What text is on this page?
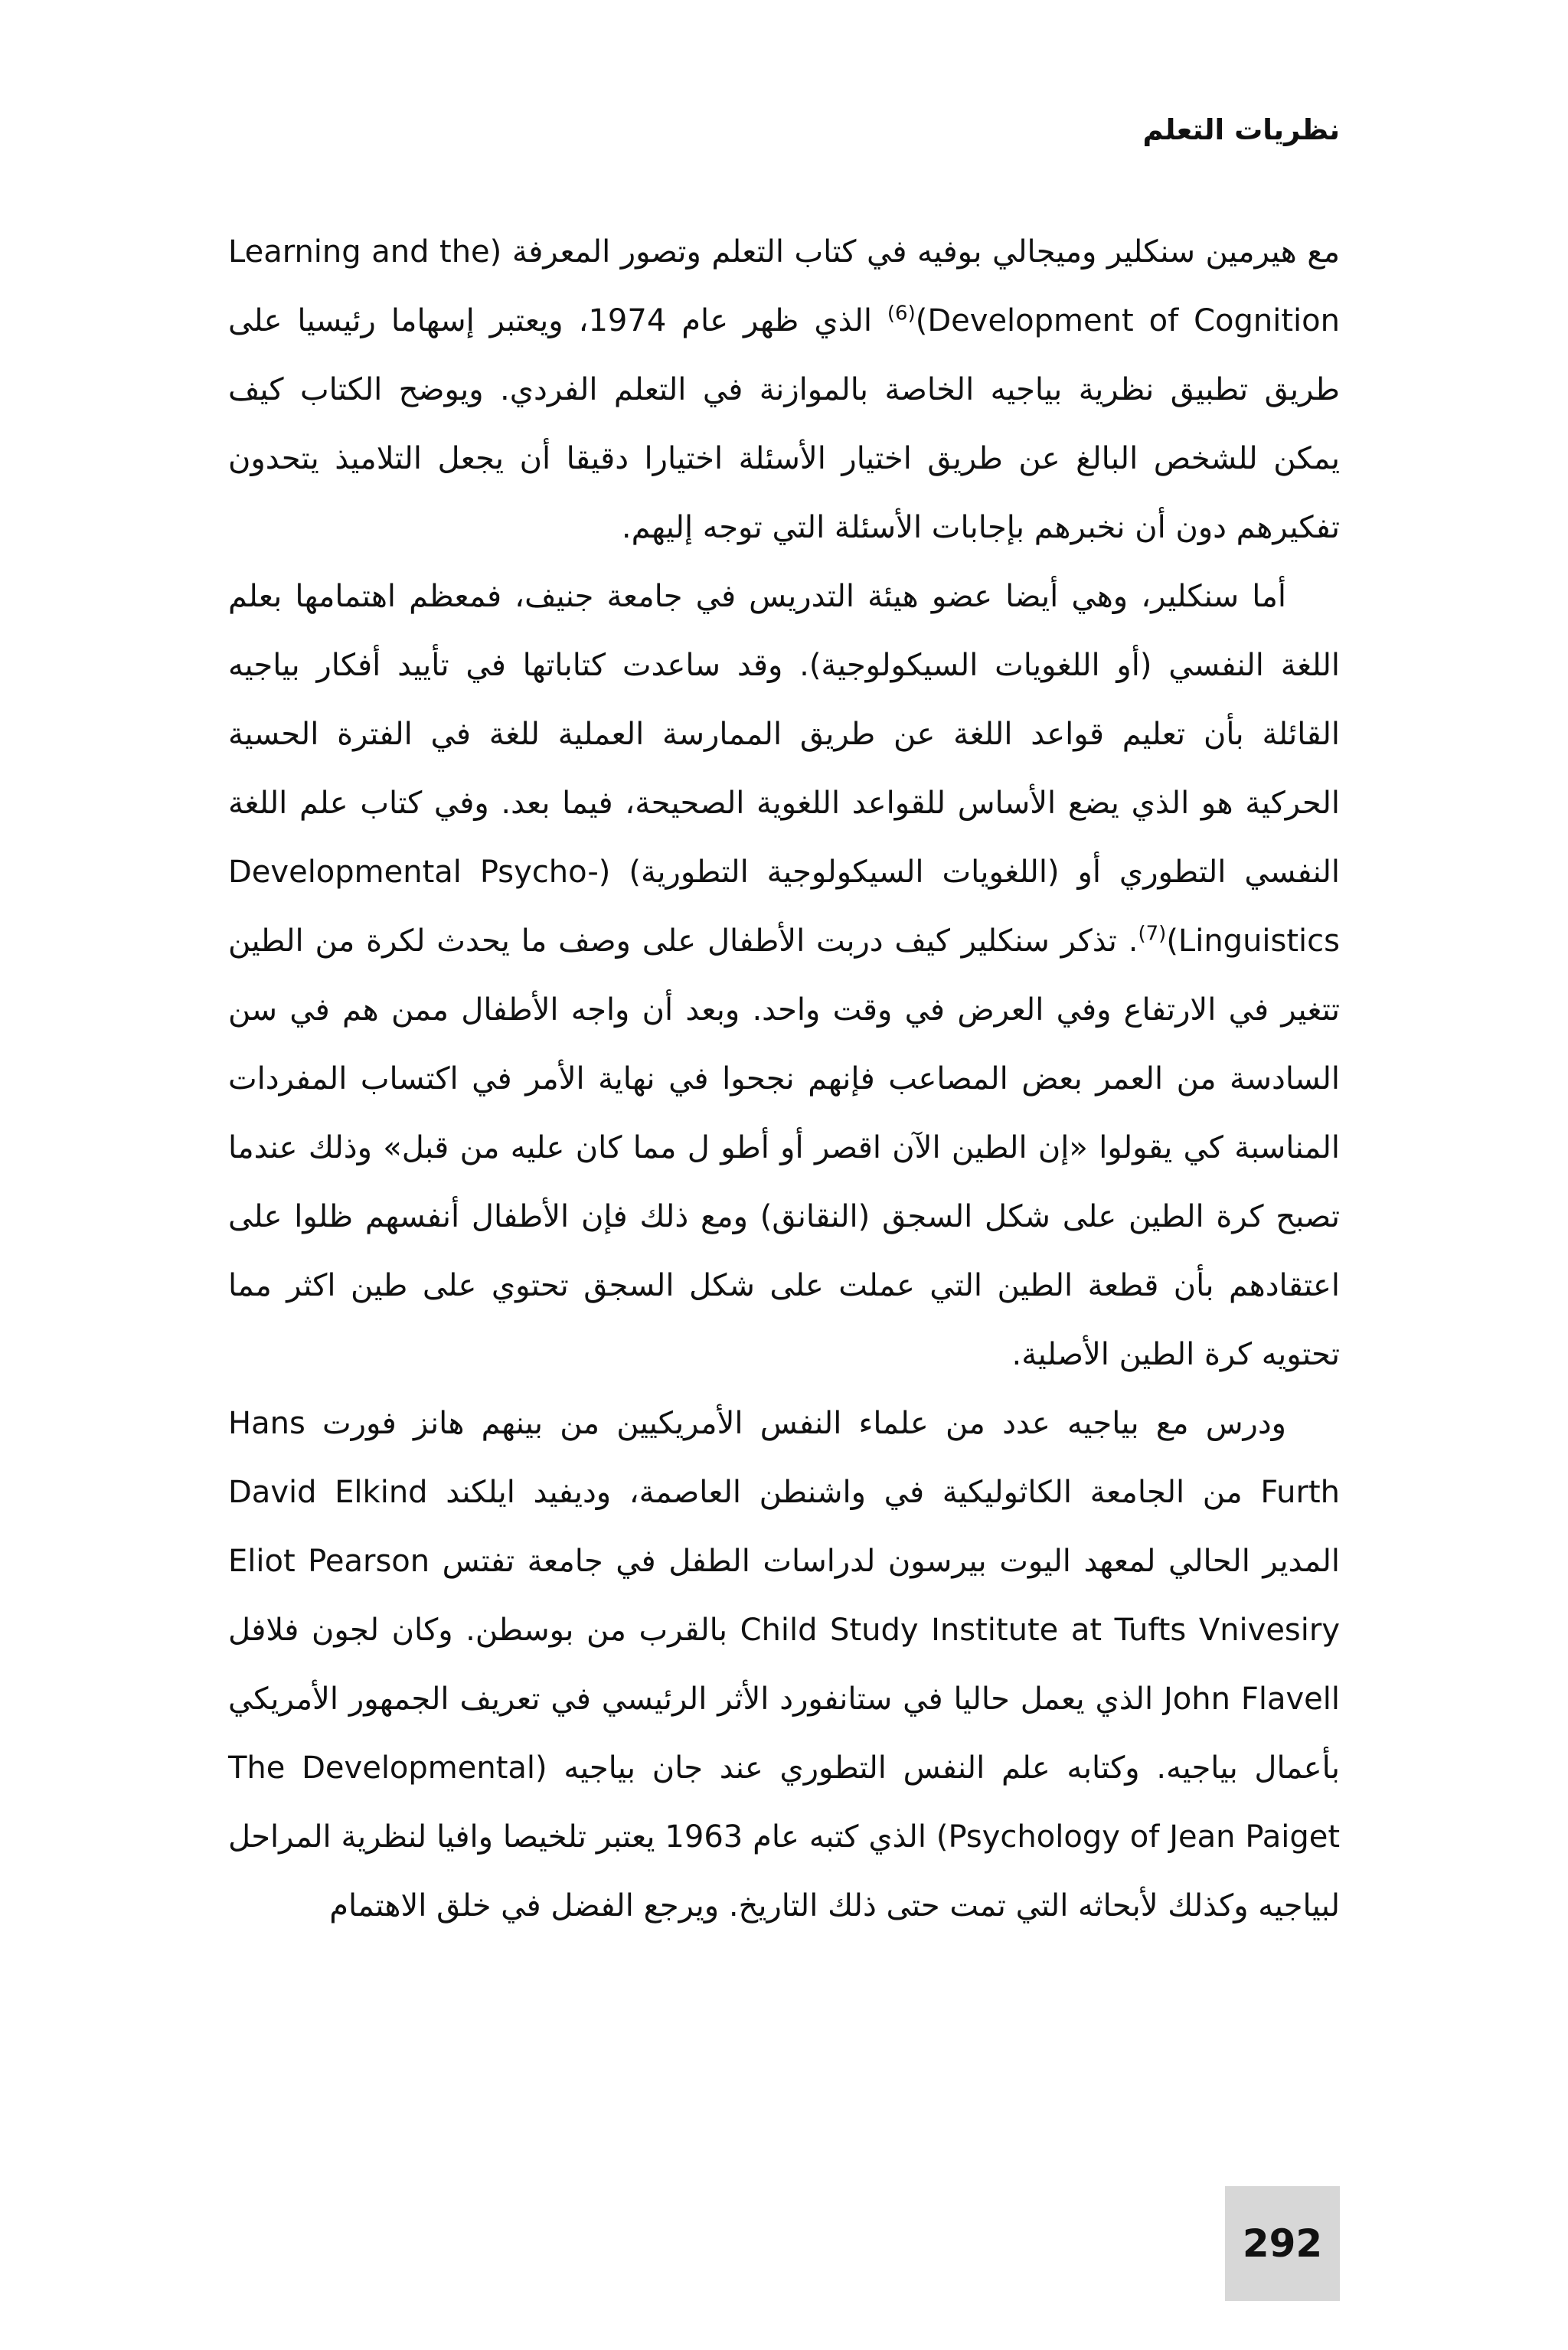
نظريات التعلم

مع هيرمين سنكلير وميجالي بوفيه في كتاب التعلم وتصور المعرفة (Learning and the Development of Cognition)$^{(6)}$ الذي ظهر عام 1974، ويعتبر إسهاما رئيسيا على طريق تطبيق نظرية بياجيه الخاصة بالموازنة في التعلم الفردي. ويوضح الكتاب كيف يمكن للشخص البالغ عن طريق اختيار الأسئلة اختيارا دقيقا أن يجعل التلاميذ يتحدون تفكيرهم دون أن نخبرهم بإجابات الأسئلة التي توجه إليهم.

أما سنكلير، وهي أيضا عضو هيئة التدريس في جامعة جنيف، فمعظم اهتمامها بعلم اللغة النفسي (أو اللغويات السيكولوجية). وقد ساعدت كتاباتها في تأييد أفكار بياجيه القائلة بأن تعليم قواعد اللغة عن طريق الممارسة العملية للغة في الفترة الحسية الحركية هو الذي يضع الأساس للقواعد اللغوية الصحيحة، فيما بعد. وفي كتاب علم اللغة النفسي التطوري أو (اللغويات السيكولوجية التطورية) (Developmental Psycho-Linguistics)$^{(7)}$. تذكر سنكلير كيف دربت الأطفال على وصف ما يحدث لكرة من الطين تتغير في الارتفاع وفي العرض في وقت واحد. وبعد أن واجه الأطفال ممن هم في سن السادسة من العمر بعض المصاعب فإنهم نجحوا في نهاية الأمر في اكتساب المفردات المناسبة كي يقولوا «إن الطين الآن اقصر أو أطو ل مما كان عليه من قبل» وذلك عندما تصبح كرة الطين على شكل السجق (النقانق) ومع ذلك فإن الأطفال أنفسهم ظلوا على اعتقادهم بأن قطعة الطين التي عملت على شكل السجق تحتوي على طين اكثر مما تحتويه كرة الطين الأصلية.

ودرس مع بياجيه عدد من علماء النفس الأمريكيين من بينهم هانز فورت Hans Furth من الجامعة الكاثوليكية في واشنطن العاصمة، وديفيد ايلكند David Elkind المدير الحالي لمعهد اليوت بيرسون لدراسات الطفل في جامعة تفتس Eliot Pearson Child Study Institute at Tufts Vnivesiry بالقرب من بوسطن. وكان لجون فلافل John Flavell الذي يعمل حاليا في ستانفورد الأثر الرئيسي في تعريف الجمهور الأمريكي بأعمال بياجيه. وكتابه علم النفس التطوري عند جان بياجيه (The Developmental Psychology of Jean Paiget) الذي كتبه عام 1963 يعتبر تلخيصا وافيا لنظرية المراحل لبياجيه وكذلك لأبحاثه التي تمت حتى ذلك التاريخ. ويرجع الفضل في خلق الاهتمام

292
